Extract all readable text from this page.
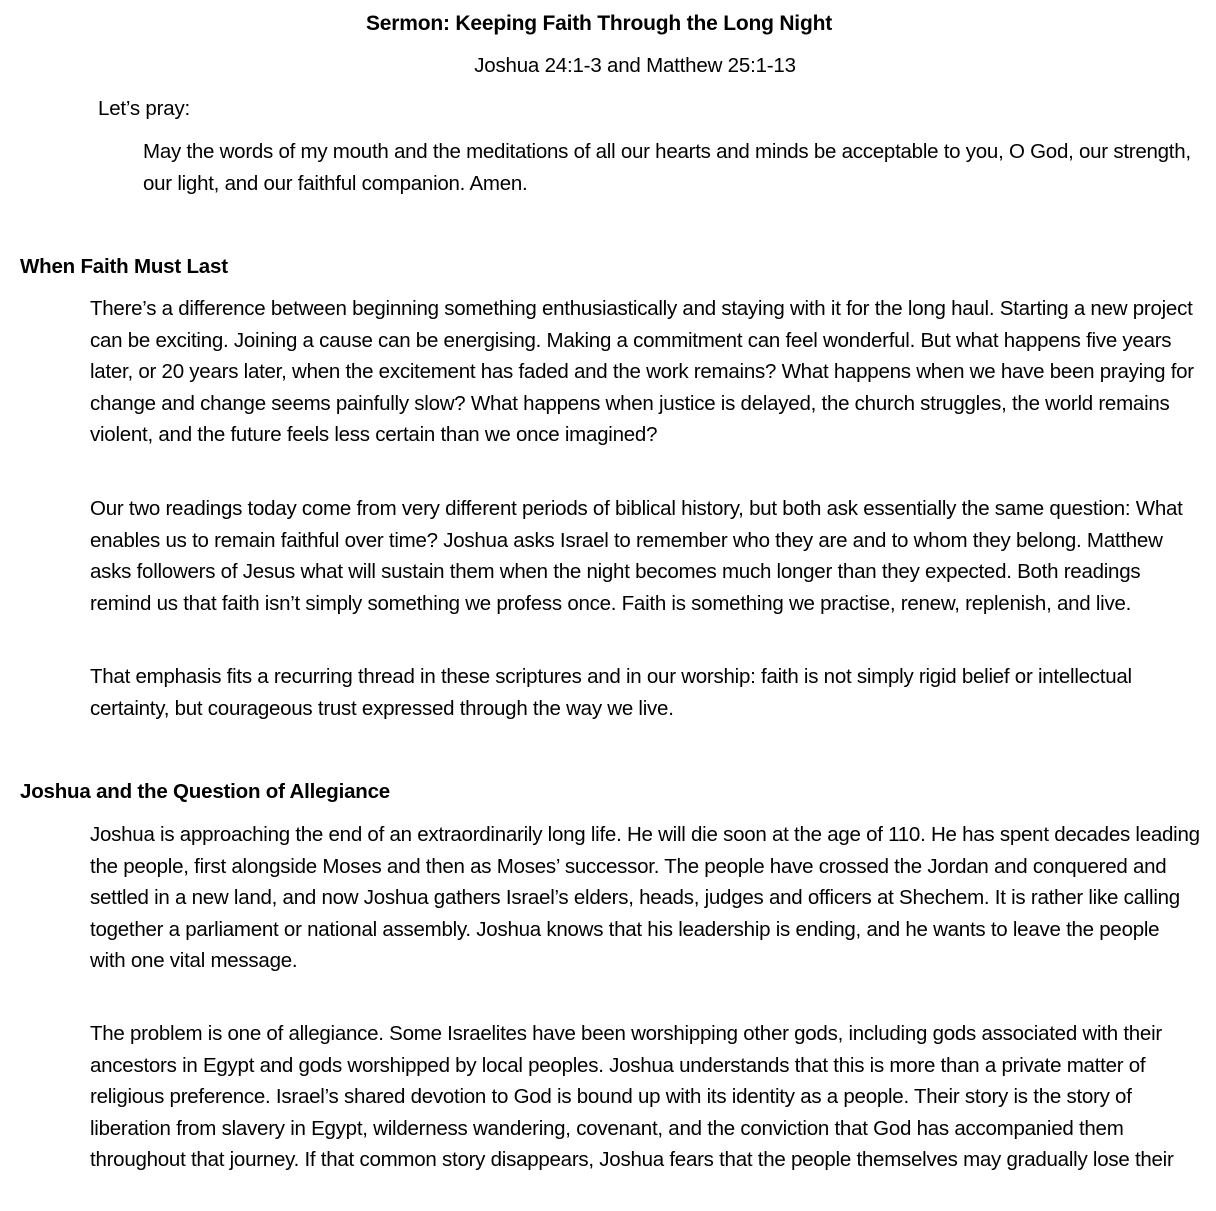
Sermon: Keeping Faith Through the Long Night
Joshua 24:1-3 and Matthew 25:1-13
Let’s pray:

May the words of my mouth and the meditations of all our hearts and minds be acceptable to you, O God, our strength, our light, and our faithful companion. Amen.

When Faith Must Last

There’s a difference between beginning something enthusiastically and staying with it for the long haul. Starting a new project can be exciting. Joining a cause can be energising. Making a commitment can feel wonderful. But what happens five years later, or 20 years later, when the excitement has faded and the work remains? What happens when we have been praying for change and change seems painfully slow? What happens when justice is delayed, the church struggles, the world remains violent, and the future feels less certain than we once imagined?

Our two readings today come from very different periods of biblical history, but both ask essentially the same question: What enables us to remain faithful over time? Joshua asks Israel to remember who they are and to whom they belong. Matthew asks followers of Jesus what will sustain them when the night becomes much longer than they expected. Both readings remind us that faith isn’t simply something we profess once. Faith is something we practise, renew, replenish, and live.

That emphasis fits a recurring thread in these scriptures and in our worship: faith is not simply rigid belief or intellectual certainty, but courageous trust expressed through the way we live.

Joshua and the Question of Allegiance

Joshua is approaching the end of an extraordinarily long life. He will die soon at the age of 110. He has spent decades leading the people, first alongside Moses and then as Moses’ successor. The people have crossed the Jordan and conquered and settled in a new land, and now Joshua gathers Israel’s elders, heads, judges and officers at Shechem. It is rather like calling together a parliament or national assembly. Joshua knows that his leadership is ending, and he wants to leave the people with one vital message.

The problem is one of allegiance. Some Israelites have been worshipping other gods, including gods associated with their ancestors in Egypt and gods worshipped by local peoples. Joshua understands that this is more than a private matter of religious preference. Israel’s shared devotion to God is bound up with its identity as a people. Their story is the story of liberation from slavery in Egypt, wilderness wandering, covenant, and the conviction that God has accompanied them throughout that journey. If that common story disappears, Joshua fears that the people themselves may gradually lose their
